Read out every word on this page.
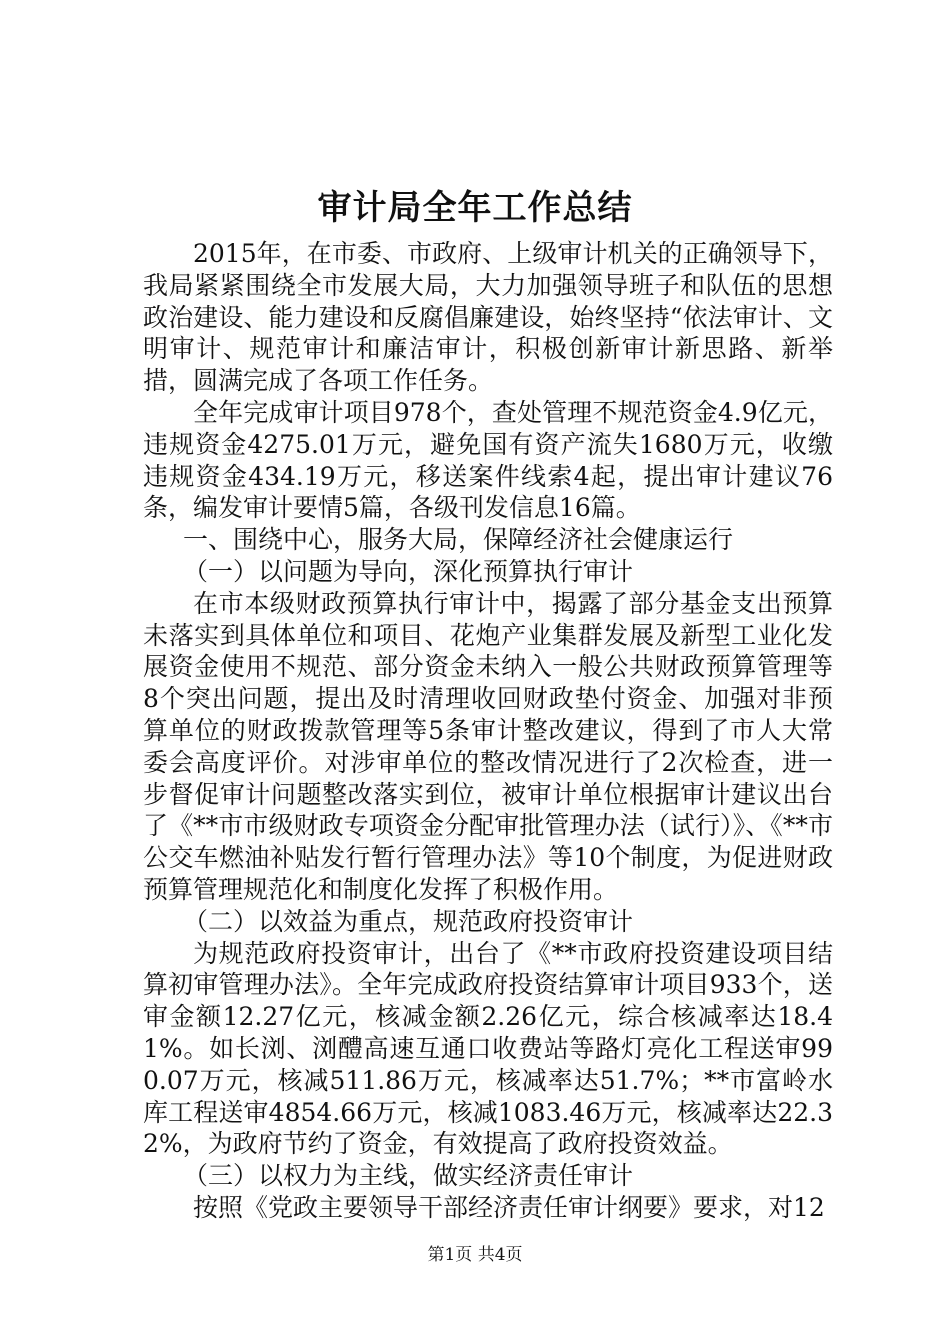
审计局全年工作总结

2015年，在市委、市政府、上级审计机关的正确领导下，我局紧紧围绕全市发展大局，大力加强领导班子和队伍的思想政治建设、能力建设和反腐倡廉建设，始终坚持“依法审计、文明审计、规范审计和廉洁审计，积极创新审计新思路、新举措，圆满完成了各项工作任务。

全年完成审计项目978个，查处管理不规范资金4.9亿元，违规资金4275.01万元，避免国有资产流失1680万元，收缴违规资金434.19万元，移送案件线索4起，提出审计建议76条，编发审计要情5篇，各级刊发信息16篇。

一、围绕中心，服务大局，保障经济社会健康运行

（一）以问题为导向，深化预算执行审计

在市本级财政预算执行审计中，揭露了部分基金支出预算未落实到具体单位和项目、花炮产业集群发展及新型工业化发展资金使用不规范、部分资金未纳入一般公共财政预算管理等8个突出问题，提出及时清理收回财政垫付资金、加强对非预算单位的财政拨款管理等5条审计整改建议，得到了市人大常委会高度评价。对涉审单位的整改情况进行了2次检查，进一步督促审计问题整改落实到位，被审计单位根据审计建议出台了《**市市级财政专项资金分配审批管理办法（试行）》、《**市公交车燃油补贴发行暂行管理办法》等10个制度，为促进财政预算管理规范化和制度化发挥了积极作用。

（二）以效益为重点，规范政府投资审计

为规范政府投资审计，出台了《**市政府投资建设项目结算初审管理办法》。全年完成政府投资结算审计项目933个，送审金额12.27亿元，核减金额2.26亿元，综合核减率达18.41%。如长浏、浏醴高速互通口收费站等路灯亮化工程送审990.07万元，核减511.86万元，核减率达51.7%；**市富岭水库工程送审4854.66万元，核减1083.46万元，核减率达22.32%，为政府节约了资金，有效提高了政府投资效益。

（三）以权力为主线，做实经济责任审计

按照《党政主要领导干部经济责任审计纲要》要求，对12

第1页 共4页
